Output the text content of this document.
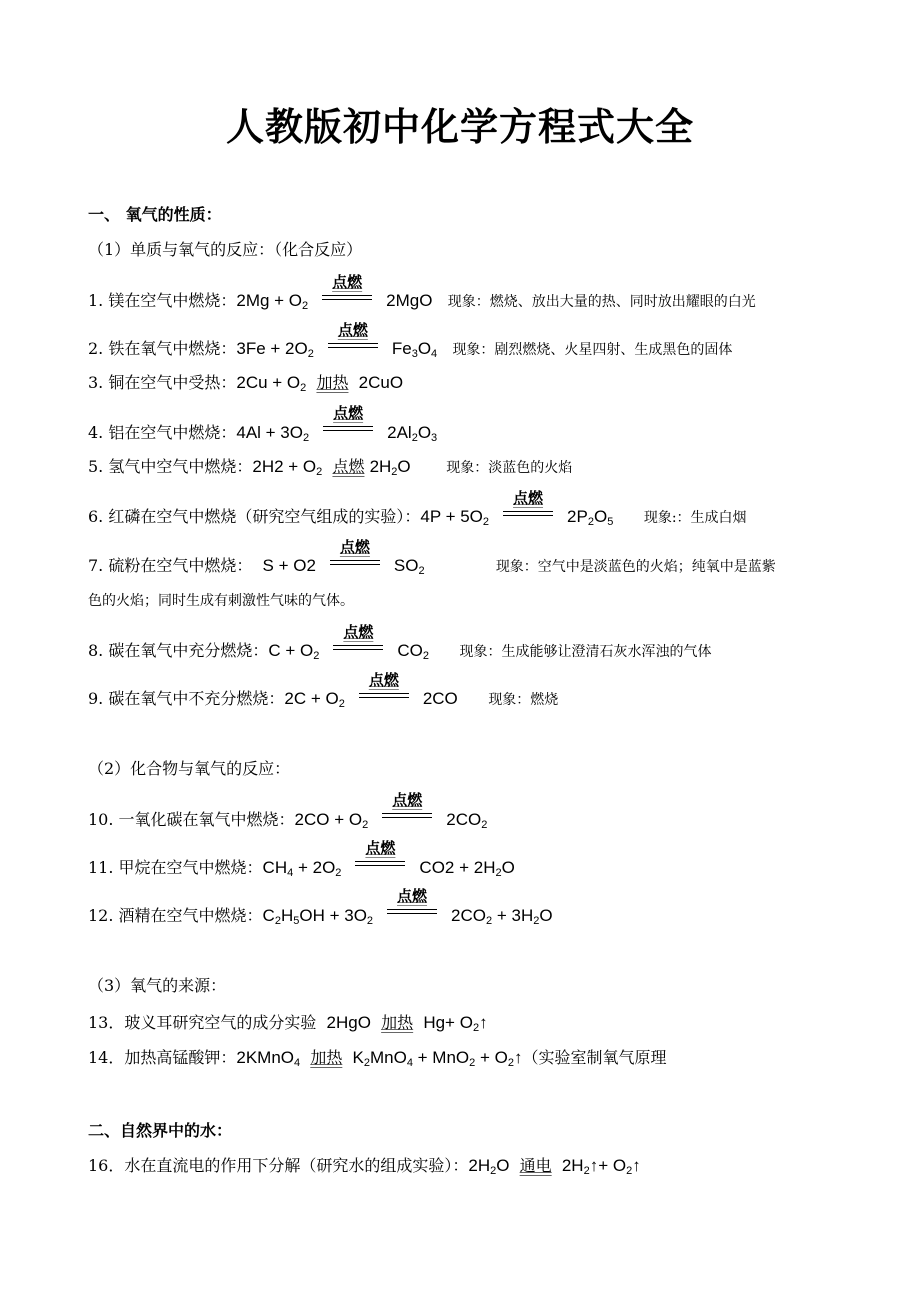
人教版初中化学方程式大全
一、 氧气的性质：
（1）单质与氧气的反应：（化合反应）
1. 镁在空气中燃烧：$2Mg + O_2$
点燃
2MgO 现象：燃烧、放出大量的热、同时放出耀眼的白光
2. 铁在氧气中燃烧：$3Fe + 2O_2$
点燃
$Fe_3O_4$ 现象：剧烈燃烧、火星四射、生成黑色的固体
3. 铜在空气中受热：$2Cu + O_2$ 加热 2CuO
4. 铝在空气中燃烧：$4Al + 3O_2$
点燃
$2Al_2O_3$
5. 氢气中空气中燃烧：$2H2 + O_2$ 点燃 $2H_2O$	现象：淡蓝色的火焰
6. 红磷在空气中燃烧（研究空气组成的实验）：$4P + 5O_2$
点燃
$2P_2O_5$ 现象:：生成白烟
7. 硫粉在空气中燃烧： S + O2
点燃
$SO_2$	现象：空气中是淡蓝色的火焰；纯氧中是蓝紫
色的火焰；同时生成有刺激性气味的气体。
8. 碳在氧气中充分燃烧：$C + O_2$
点燃
$CO_2$ 现象：生成能够让澄清石灰水浑浊的气体
9. 碳在氧气中不充分燃烧：$2C + O_2$
点燃
2CO 现象：燃烧
（2）化合物与氧气的反应：
10. 一氧化碳在氧气中燃烧：$2CO + O_2$
点燃
$2CO_2$
11. 甲烷在空气中燃烧：$CH_4 + 2O_2$
点燃
$CO2 + 2H_2O$
12. 酒精在空气中燃烧：$C_2H_5OH + 3O_2$
点燃
$2CO_2 + 3H_2O$
（3）氧气的来源：
13．玻义耳研究空气的成分实验 2HgO 加热 $Hg+ O_2↑$
14．加热高锰酸钾：2KMnO$_4$ 加热 $K_2MnO_4 + MnO_2$ + $O_2↑$（实验室制氧气原理
二、自然界中的水：
16．水在直流电的作用下分解（研究水的组成实验）：$2H_2O$ 通电 $2H_2↑+$ $O_2↑$
